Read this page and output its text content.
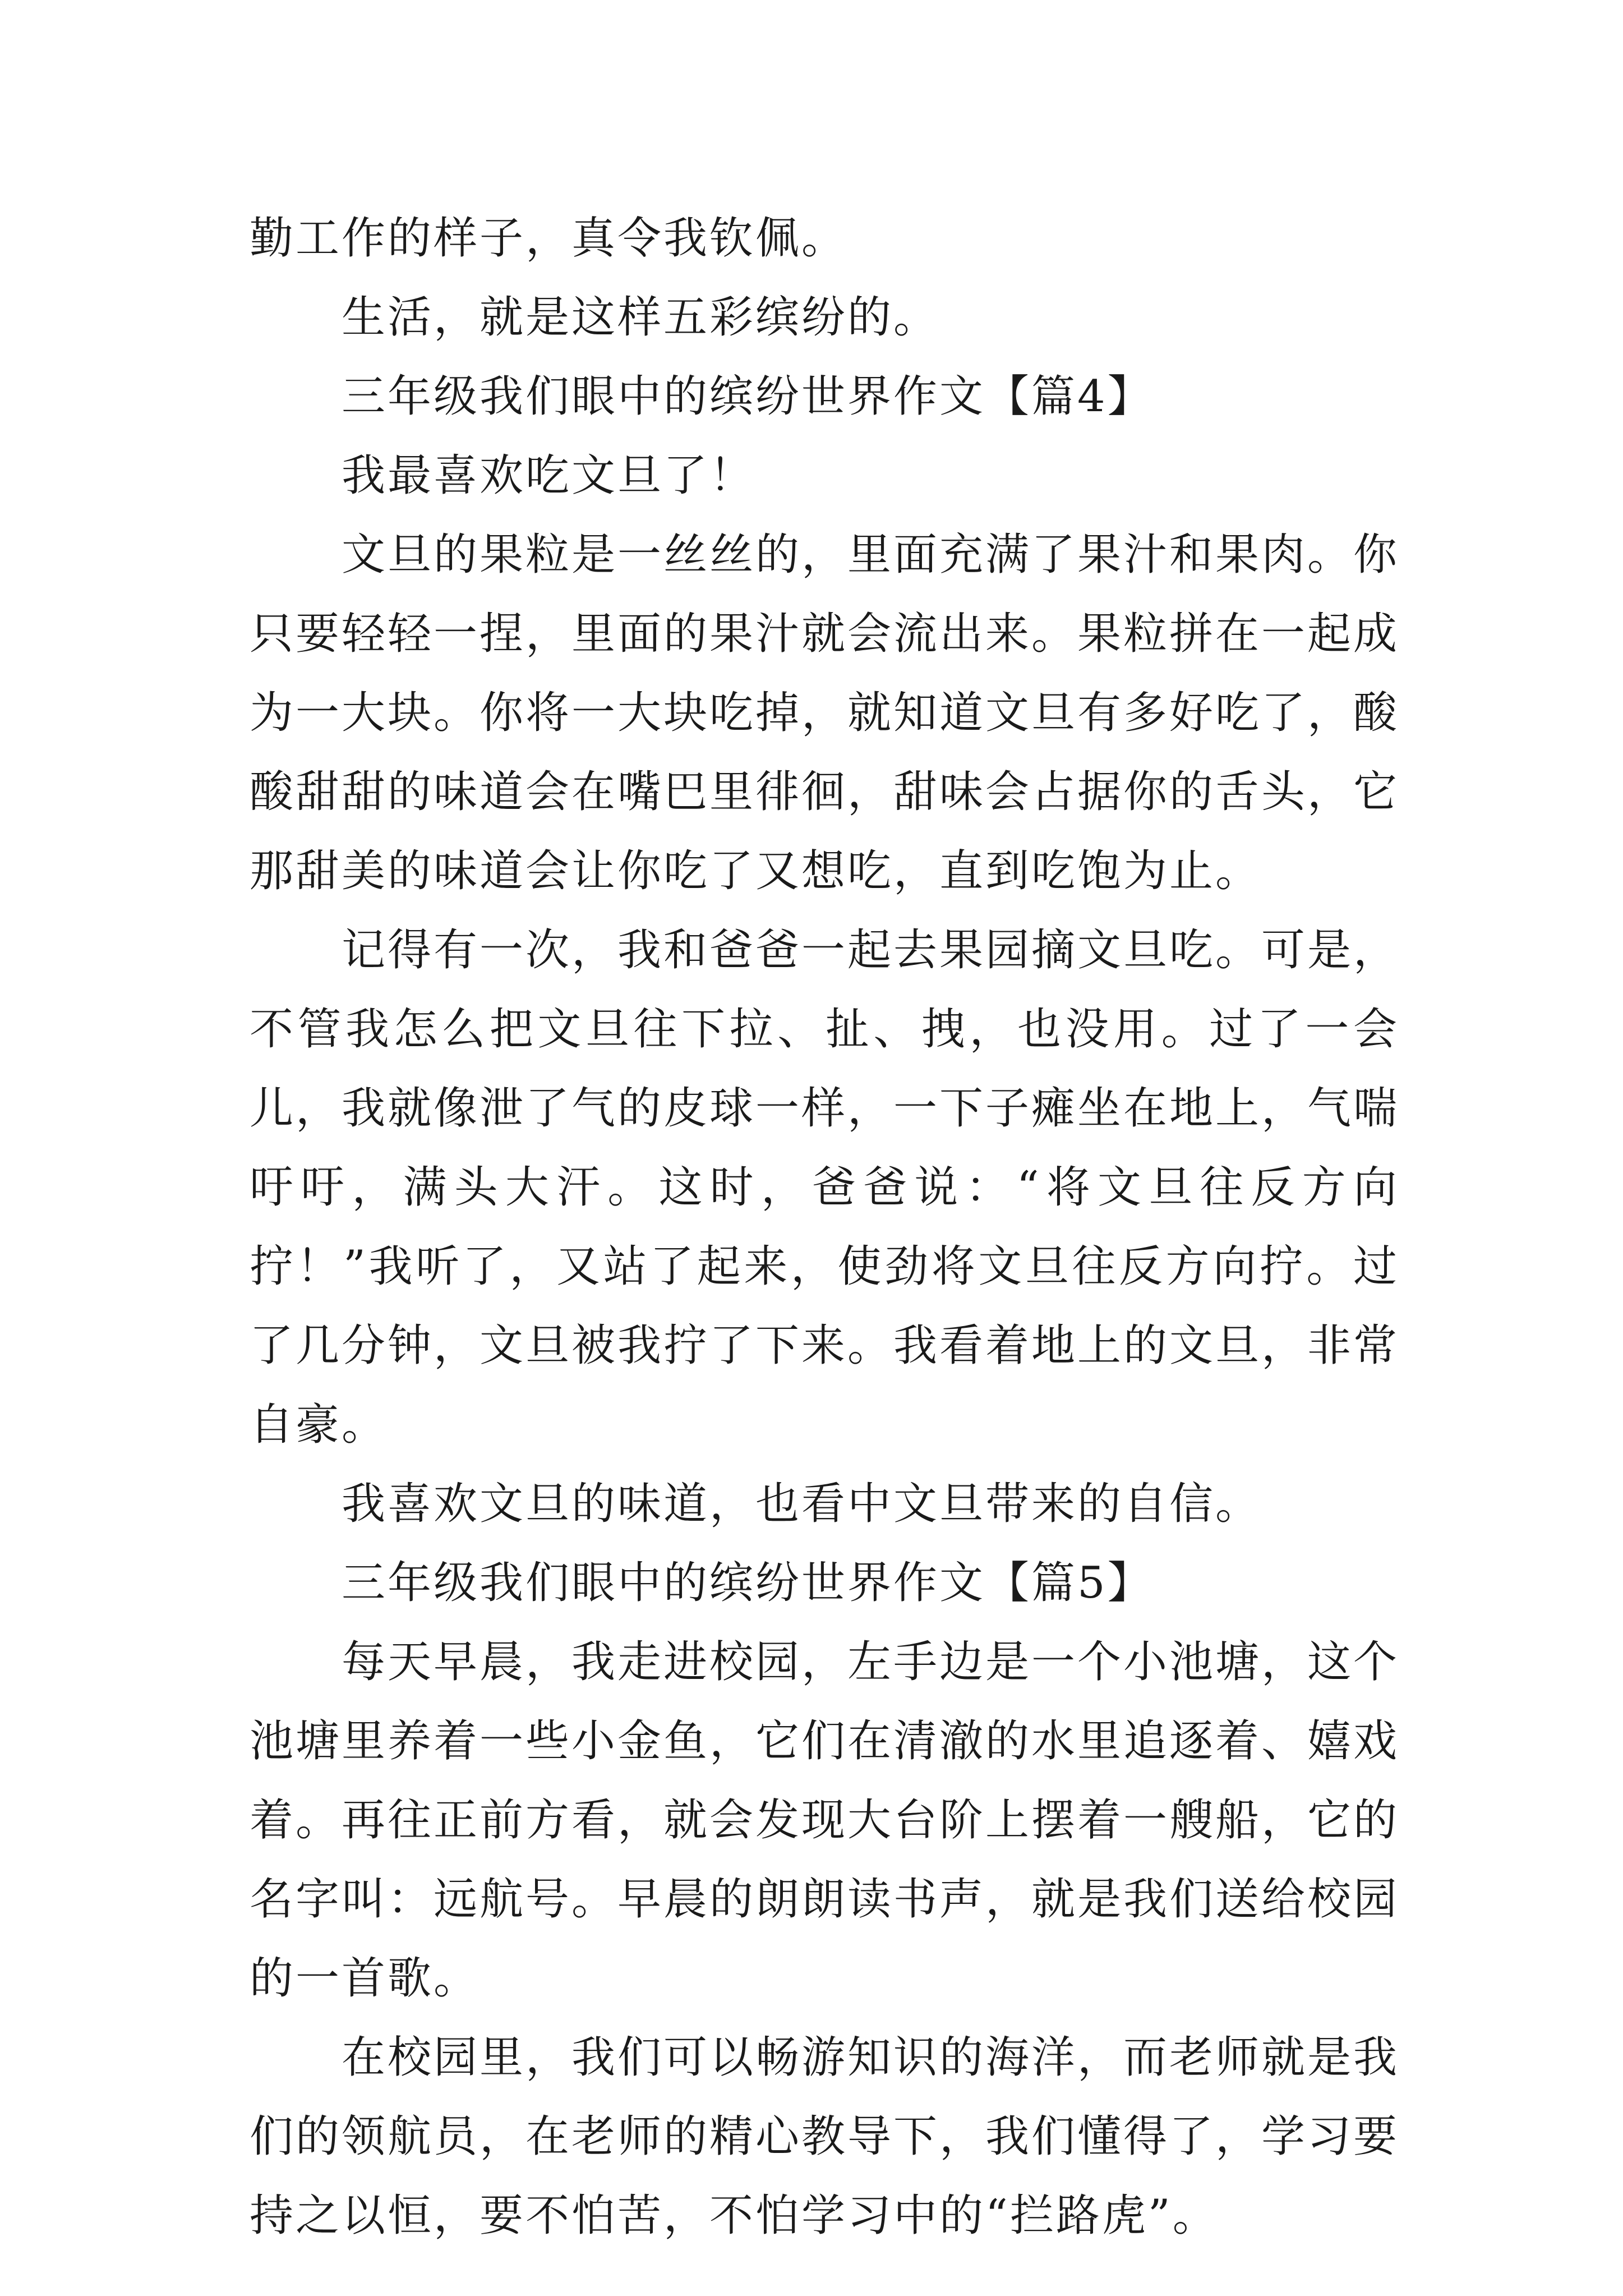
勤工作的样子，真令我钦佩。

生活，就是这样五彩缤纷的。

三年级我们眼中的缤纷世界作文【篇4】

我最喜欢吃文旦了！

文旦的果粒是一丝丝的，里面充满了果汁和果肉。你只要轻轻一捏，里面的果汁就会流出来。果粒拼在一起成为一大块。你将一大块吃掉，就知道文旦有多好吃了，酸酸甜甜的味道会在嘴巴里徘徊，甜味会占据你的舌头，它那甜美的味道会让你吃了又想吃，直到吃饱为止。

记得有一次，我和爸爸一起去果园摘文旦吃。可是，不管我怎么把文旦往下拉、扯、拽，也没用。过了一会儿，我就像泄了气的皮球一样，一下子瘫坐在地上，气喘吁吁，满头大汗。这时，爸爸说：“将文旦往反方向拧！”我听了，又站了起来，使劲将文旦往反方向拧。过了几分钟，文旦被我拧了下来。我看着地上的文旦，非常自豪。

我喜欢文旦的味道，也看中文旦带来的自信。

三年级我们眼中的缤纷世界作文【篇5】

每天早晨，我走进校园，左手边是一个小池塘，这个池塘里养着一些小金鱼，它们在清澈的水里追逐着、嬉戏着。再往正前方看，就会发现大台阶上摆着一艘船，它的名字叫：远航号。早晨的朗朗读书声，就是我们送给校园的一首歌。

在校园里，我们可以畅游知识的海洋，而老师就是我们的领航员，在老师的精心教导下，我们懂得了，学习要持之以恒，要不怕苦，不怕学习中的“拦路虎”。
